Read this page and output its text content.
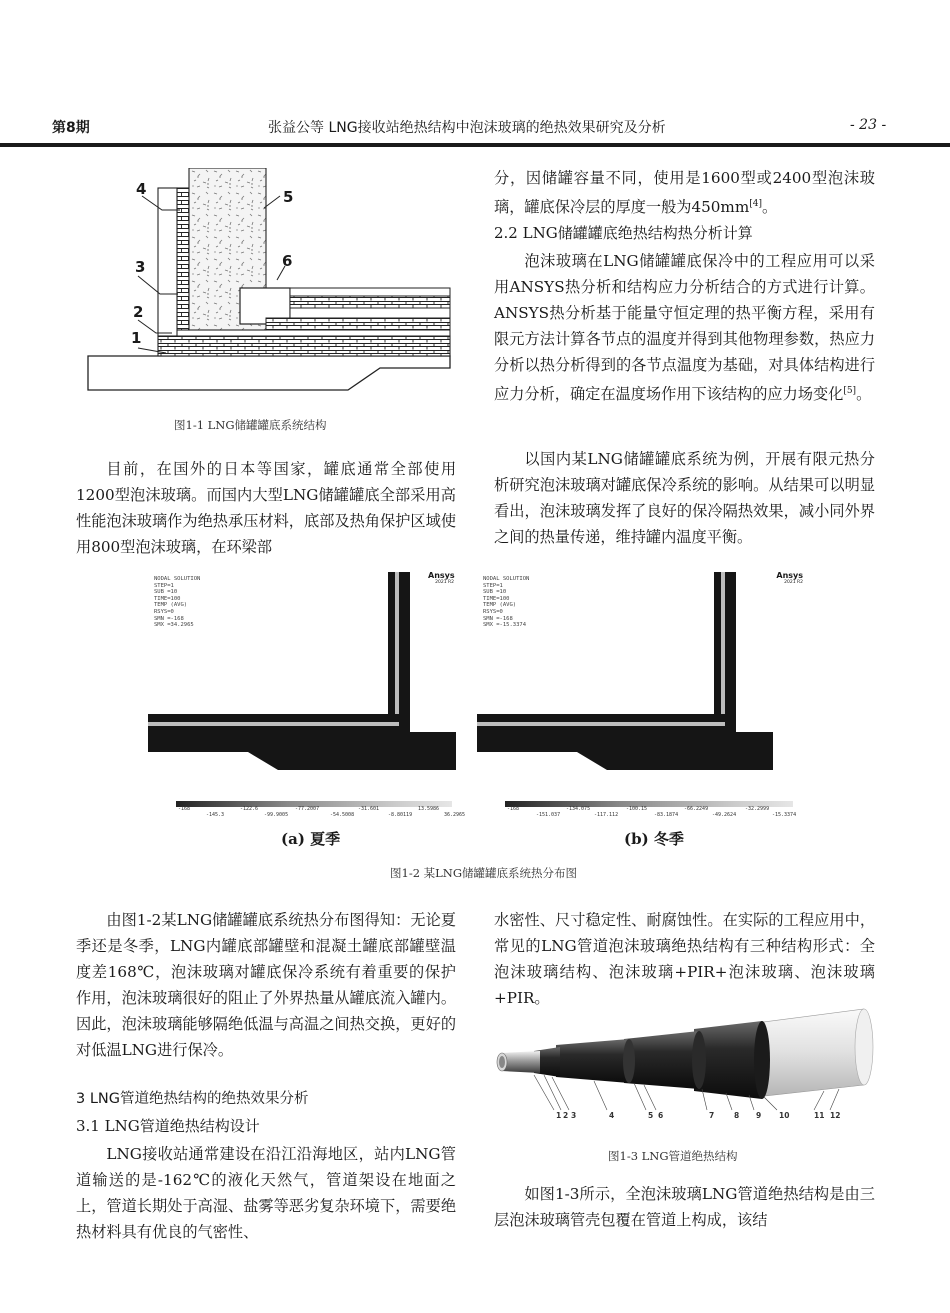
第8期	张益公等 LNG接收站绝热结构中泡沫玻璃的绝热效果研究及分析	- 23 -
4	5
3	6
2
1
图1-1 LNG储罐罐底系统结构

目前，在国外的日本等国家，罐底通常全部使用1200型泡沫玻璃。而国内大型LNG储罐罐底全部采用高性能泡沫玻璃作为绝热承压材料，底部及热角保护区域使用800型泡沫玻璃，在环梁部

分，因储罐容量不同，使用是1600型或2400型泡沫玻璃，罐底保冷层的厚度一般为450mm[4]。

2.2 LNG储罐罐底绝热结构热分析计算

泡沫玻璃在LNG储罐罐底保冷中的工程应用可以采用ANSYS热分析和结构应力分析结合的方式进行计算。ANSYS热分析基于能量守恒定理的热平衡方程，采用有限元方法计算各节点的温度并得到其他物理参数，热应力分析以热分析得到的各节点温度为基础，对具体结构进行应力分析，确定在温度场作用下该结构的应力场变化[5]。

以国内某LNG储罐罐底系统为例，开展有限元热分析研究泡沫玻璃对罐底保冷系统的影响。从结果可以明显看出，泡沫玻璃发挥了良好的保冷隔热效果，减小同外界之间的热量传递，维持罐内温度平衡。

NODAL SOLUTION
STEP=1
SUB =10
TIME=100
TEMP (AVG)
RSYS=0
SMN =-168
SMX =34.2965
Ansys
2021 R2
-168	-122.6	-77.2007	-31.601	13.5986
-145.3	-99.9005	-54.5008	-8.80119	36.2965
(a) 夏季
NODAL SOLUTION
STEP=1
SUB =10
TIME=100
TEMP (AVG)
RSYS=0
SMN =-168
SMX =-15.3374
Ansys
2021 R2
-168	-134.075	-100.15	-66.2249	-32.2999
-151.037	-117.112	-83.1874	-49.2624	-15.3374
(b) 冬季
图1-2 某LNG储罐罐底系统热分布图

由图1-2某LNG储罐罐底系统热分布图得知：无论夏季还是冬季，LNG内罐底部罐壁和混凝土罐底部罐壁温度差168℃，泡沫玻璃对罐底保冷系统有着重要的保护作用，泡沫玻璃很好的阻止了外界热量从罐底流入罐内。因此，泡沫玻璃能够隔绝低温与高温之间热交换，更好的对低温LNG进行保冷。

3 LNG管道绝热结构的绝热效果分析
3.1 LNG管道绝热结构设计

LNG接收站通常建设在沿江沿海地区，站内LNG管道输送的是-162℃的液化天然气，管道架设在地面之上，管道长期处于高湿、盐雾等恶劣复杂环境下，需要绝热材料具有优良的气密性、

水密性、尺寸稳定性、耐腐蚀性。在实际的工程应用中，常见的LNG管道泡沫玻璃绝热结构有三种结构形式：全泡沫玻璃结构、泡沫玻璃+PIR+泡沫玻璃、泡沫玻璃+PIR。

1 2 3	4	5 6	7	8 9 10	11 12
图1-3 LNG管道绝热结构

如图1-3所示，全泡沫玻璃LNG管道绝热结构是由三层泡沫玻璃管壳包覆在管道上构成，该结
